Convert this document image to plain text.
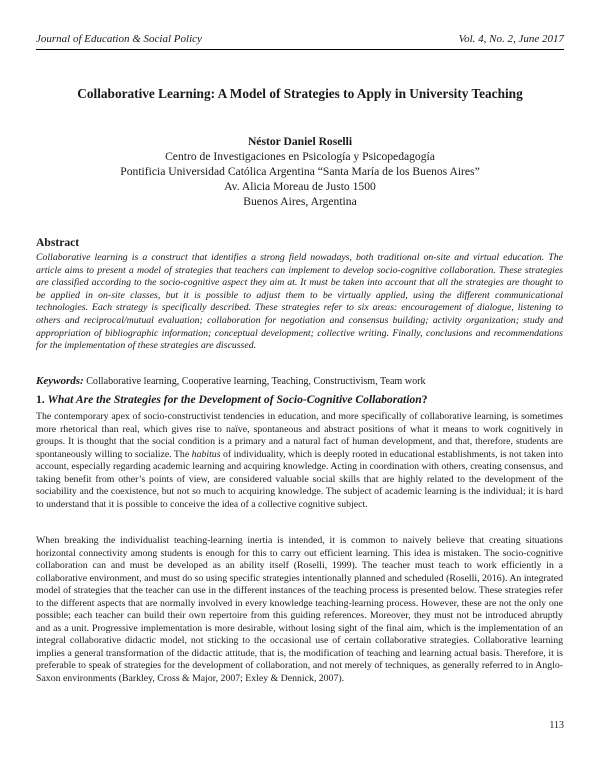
Journal of Education & Social Policy	Vol. 4, No. 2, June 2017
Collaborative Learning: A Model of Strategies to Apply in University Teaching
Néstor Daniel Roselli
Centro de Investigaciones en Psicología y Psicopedagogía
Pontificia Universidad Católica Argentina “Santa María de los Buenos Aires”
Av. Alicia Moreau de Justo 1500
Buenos Aires, Argentina
Abstract
Collaborative learning is a construct that identifies a strong field nowadays, both traditional on-site and virtual education. The article aims to present a model of strategies that teachers can implement to develop socio-cognitive collaboration. These strategies are classified according to the socio-cognitive aspect they aim at. It must be taken into account that all the strategies are thought to be applied in on-site classes, but it is possible to adjust them to be virtually applied, using the different communicational technologies. Each strategy is specifically described. These strategies refer to six areas: encouragement of dialogue, listening to others and reciprocal/mutual evaluation; collaboration for negotiation and consensus building; activity organization; study and appropriation of bibliographic information; conceptual development; collective writing. Finally, conclusions and recommendations for the implementation of these strategies are discussed.
Keywords: Collaborative learning, Cooperative learning, Teaching, Constructivism, Team work
1. What Are the Strategies for the Development of Socio-Cognitive Collaboration?

The contemporary apex of socio-constructivist tendencies in education, and more specifically of collaborative learning, is sometimes more rhetorical than real, which gives rise to naïve, spontaneous and abstract positions of what it means to work cognitively in groups. It is thought that the social condition is a primary and a natural fact of human development, and that, therefore, students are spontaneously willing to socialize. The habitus of individuality, which is deeply rooted in educational establishments, is not taken into account, especially regarding academic learning and acquiring knowledge. Acting in coordination with others, creating consensus, and taking benefit from other’s points of view, are considered valuable social skills that are highly related to the development of the sociability and the coexistence, but not so much to acquiring knowledge. The subject of academic learning is the individual; it is hard to understand that it is possible to conceive the idea of a collective cognitive subject.

When breaking the individualist teaching-learning inertia is intended, it is common to naively believe that creating situations horizontal connectivity among students is enough for this to carry out efficient learning. This idea is mistaken. The socio-cognitive collaboration can and must be developed as an ability itself (Roselli, 1999). The teacher must teach to work efficiently in a collaborative environment, and must do so using specific strategies intentionally planned and scheduled (Roselli, 2016). An integrated model of strategies that the teacher can use in the different instances of the teaching process is presented below. These strategies refer to the different aspects that are normally involved in every knowledge teaching-learning process. However, these are not the only one possible; each teacher can build their own repertoire from this guiding references. Moreover, they must not be introduced abruptly and as a unit. Progressive implementation is more desirable, without losing sight of the final aim, which is the implementation of an integral collaborative didactic model, not sticking to the occasional use of certain collaborative strategies. Collaborative learning implies a general transformation of the didactic attitude, that is, the modification of teaching and learning actual basis. Therefore, it is preferable to speak of strategies for the development of collaboration, and not merely of techniques, as generally referred to in Anglo-Saxon environments (Barkley, Cross & Major, 2007; Exley & Dennick, 2007).

113
